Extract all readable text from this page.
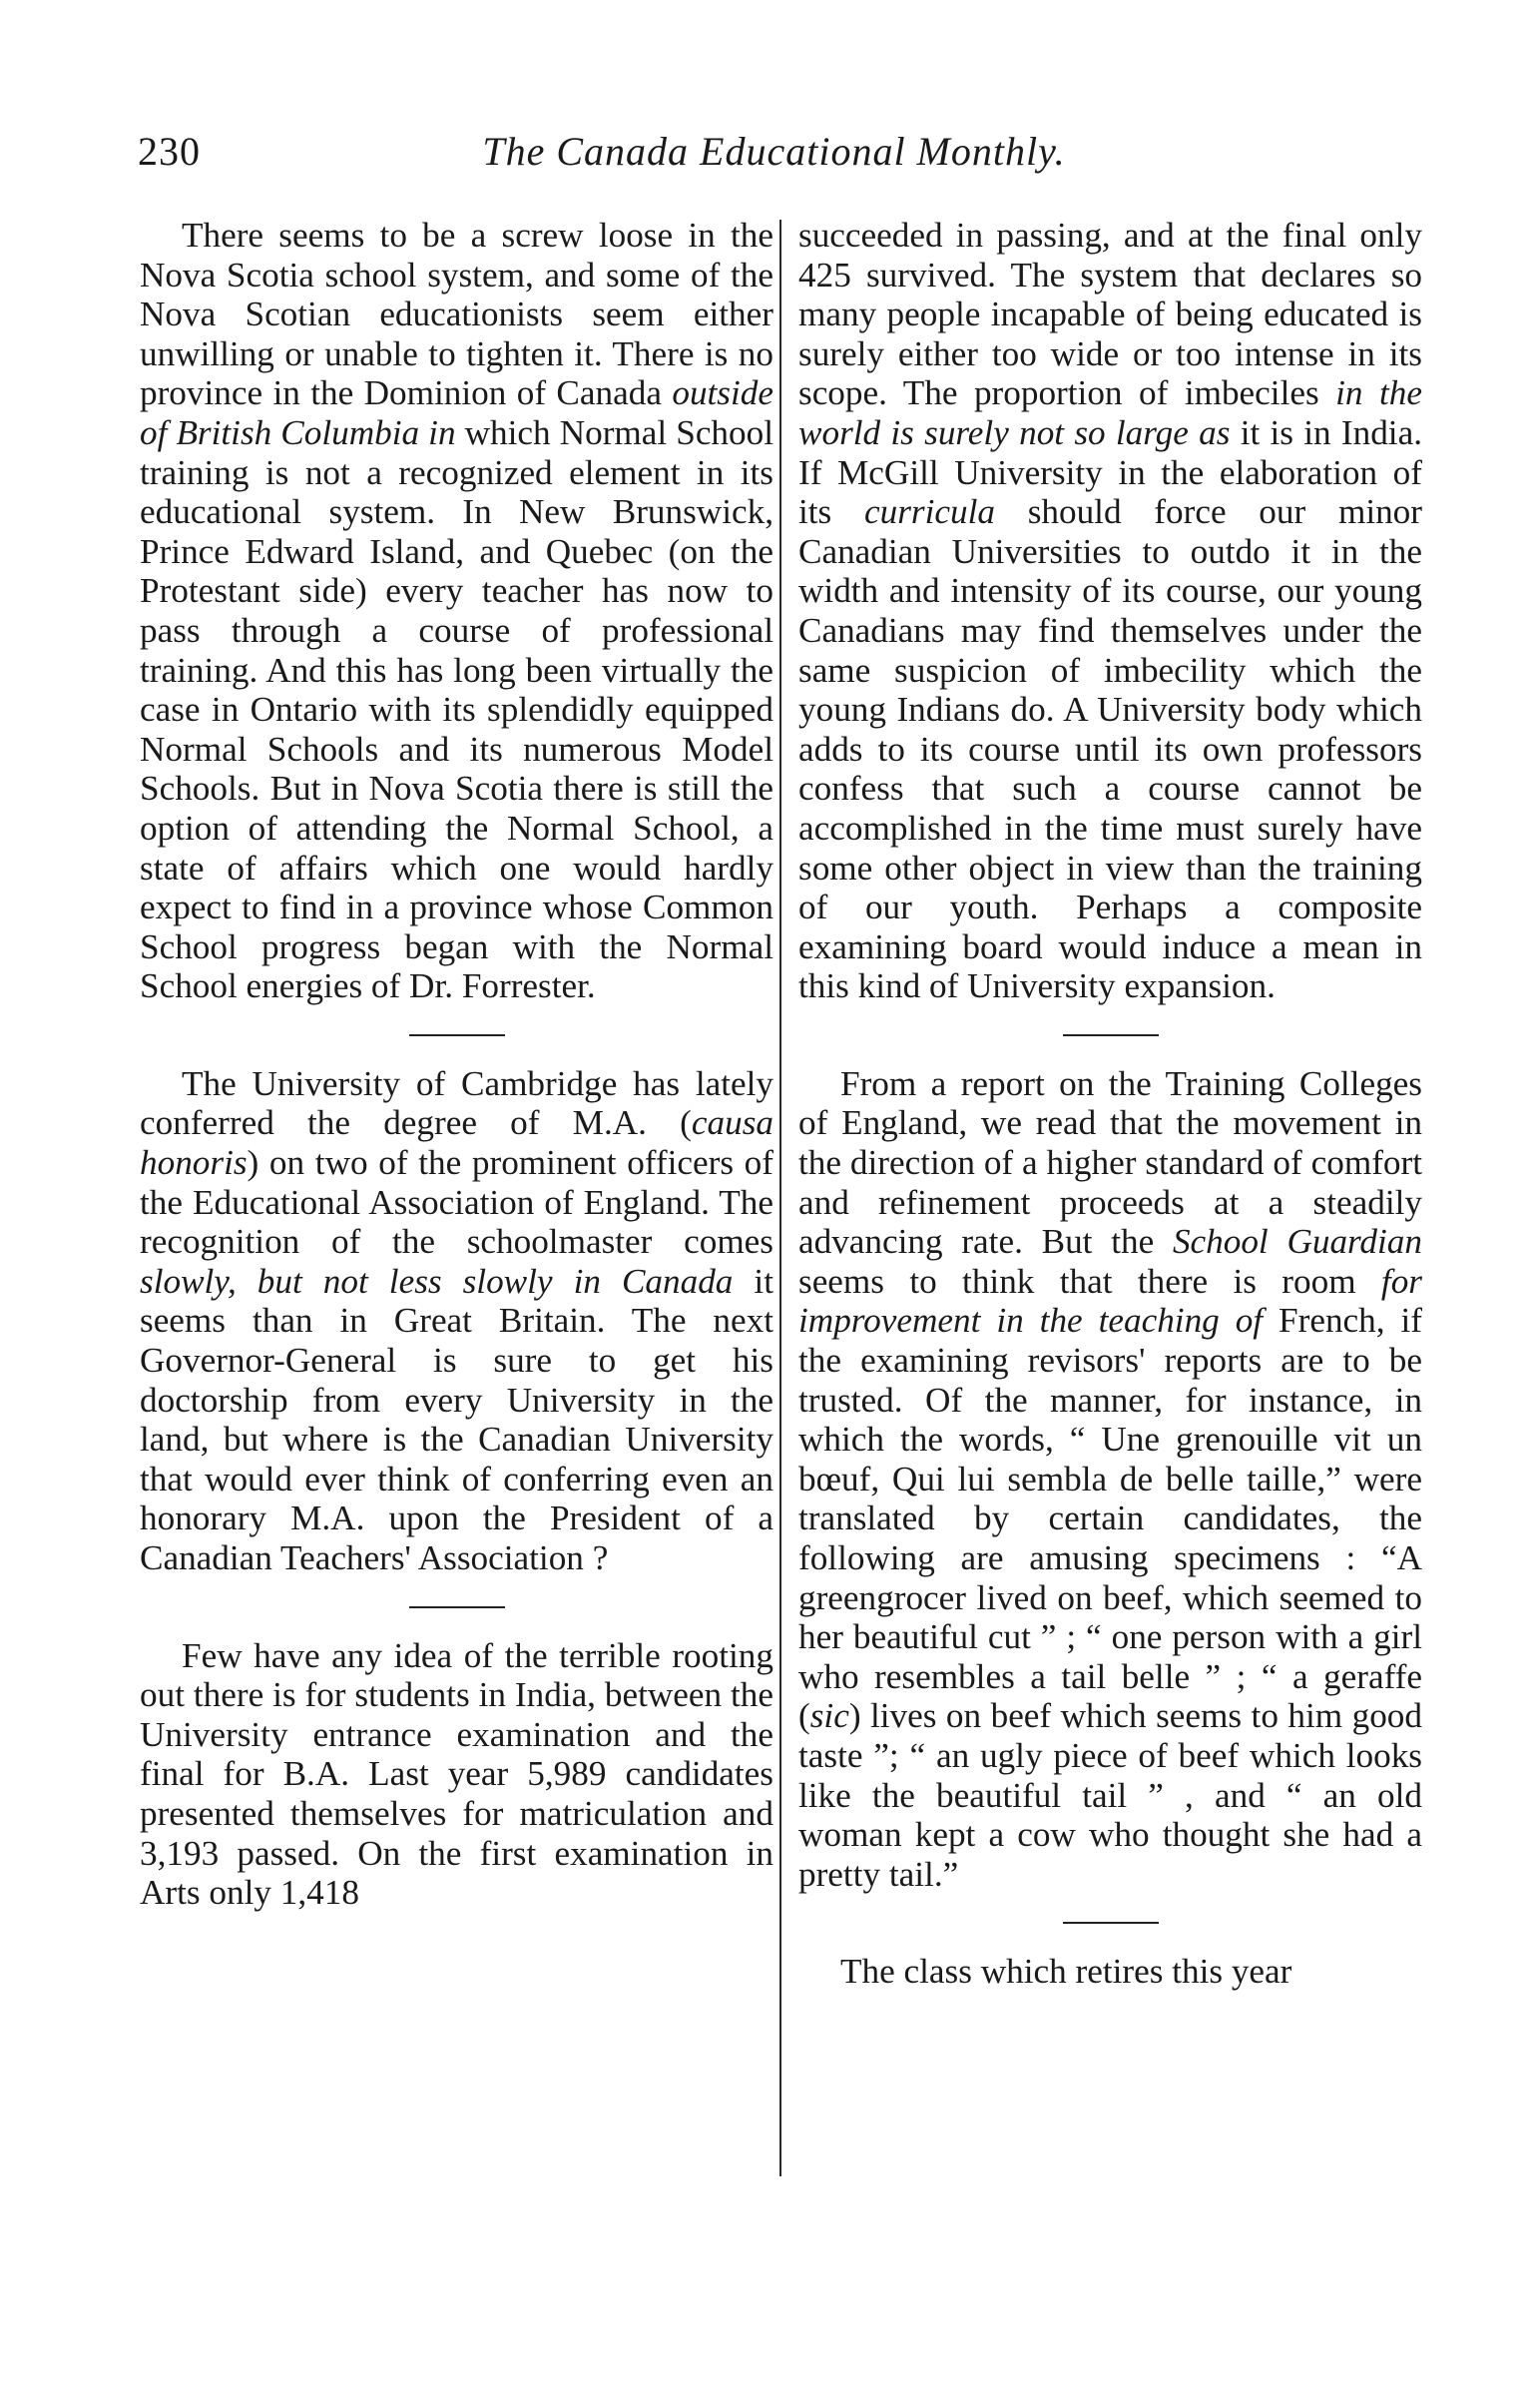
230	The Canada Educational Monthly.

There seems to be a screw loose in the Nova Scotia school system, and some of the Nova Scotian educationists seem either unwilling or unable to tighten it. There is no province in the Dominion of Canada outside of British Columbia in which Normal School training is not a recognized element in its educational system. In New Brunswick, Prince Edward Island, and Quebec (on the Protestant side) every teacher has now to pass through a course of professional training. And this has long been virtually the case in Ontario with its splendidly equipped Normal Schools and its numerous Model Schools. But in Nova Scotia there is still the option of attending the Normal School, a state of affairs which one would hardly expect to find in a province whose Common School progress began with the Normal School energies of Dr. Forrester.

The University of Cambridge has lately conferred the degree of M.A. (causa honoris) on two of the prominent officers of the Educational Association of England. The recognition of the schoolmaster comes slowly, but not less slowly in Canada it seems than in Great Britain. The next Governor-General is sure to get his doctorship from every University in the land, but where is the Canadian University that would ever think of conferring even an honorary M.A. upon the President of a Canadian Teachers' Association ?

Few have any idea of the terrible rooting out there is for students in India, between the University entrance examination and the final for B.A. Last year 5,989 candidates presented themselves for matriculation and 3,193 passed. On the first examination in Arts only 1,418

succeeded in passing, and at the final only 425 survived. The system that declares so many people incapable of being educated is surely either too wide or too intense in its scope. The proportion of imbeciles in the world is surely not so large as it is in India. If McGill University in the elaboration of its curricula should force our minor Canadian Universities to outdo it in the width and intensity of its course, our young Canadians may find themselves under the same suspicion of imbecility which the young Indians do. A University body which adds to its course until its own professors confess that such a course cannot be accomplished in the time must surely have some other object in view than the training of our youth. Perhaps a composite examining board would induce a mean in this kind of University expansion.

From a report on the Training Colleges of England, we read that the movement in the direction of a higher standard of comfort and refinement proceeds at a steadily advancing rate. But the School Guardian seems to think that there is room for improvement in the teaching of French, if the examining revisors' reports are to be trusted. Of the manner, for instance, in which the words, “ Une grenouille vit un bœuf, Qui lui sembla de belle taille,” were translated by certain candidates, the following are amusing specimens : “A greengrocer lived on beef, which seemed to her beautiful cut ” ; “ one person with a girl who resembles a tail belle ” ; “ a geraffe (sic) lives on beef which seems to him good taste ”; “ an ugly piece of beef which looks like the beautiful tail ” , and “ an old woman kept a cow who thought she had a pretty tail.”

The class which retires this year
